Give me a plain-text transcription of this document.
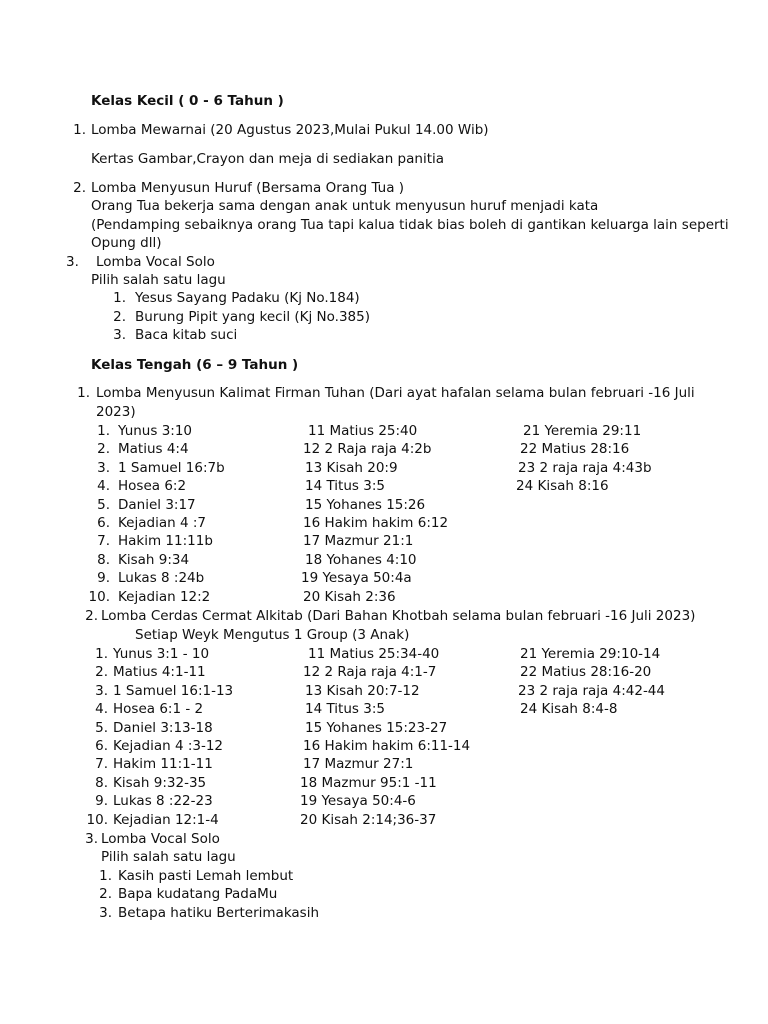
Kelas Kecil ( 0 - 6 Tahun )
1. Lomba Mewarnai (20 Agustus 2023,Mulai Pukul 14.00 Wib)
Kertas Gambar,Crayon dan meja di sediakan panitia
2. Lomba Menyusun Huruf (Bersama Orang Tua )
Orang Tua bekerja sama dengan anak untuk menyusun huruf menjadi kata
(Pendamping sebaiknya orang Tua tapi kalua tidak bias boleh di gantikan keluarga lain seperti
Opung dll)
3. Lomba Vocal Solo
Pilih salah satu lagu
1. Yesus Sayang Padaku (Kj No.184)
2. Burung Pipit yang kecil (Kj No.385)
3. Baca kitab suci
Kelas Tengah (6 – 9 Tahun )
1. Lomba Menyusun Kalimat Firman Tuhan (Dari ayat hafalan selama bulan februari -16 Juli
2023)
1. Yunus 3:10
2. Matius 4:4
3. 1 Samuel 16:7b
4. Hosea 6:2
5. Daniel 3:17
6. Kejadian 4 :7
7. Hakim 11:11b
8. Kisah 9:34
9. Lukas 8 :24b
10. Kejadian 12:2
11 Matius 25:40
12 2 Raja raja 4:2b
13 Kisah 20:9
14 Titus 3:5
15 Yohanes 15:26
16 Hakim hakim 6:12
17 Mazmur 21:1
18 Yohanes 4:10
19 Yesaya 50:4a
20 Kisah 2:36
21 Yeremia 29:11
22 Matius 28:16
23 2 raja raja 4:43b
24 Kisah 8:16
2. Lomba Cerdas Cermat Alkitab (Dari Bahan Khotbah selama bulan februari -16 Juli 2023)
Setiap Weyk Mengutus 1 Group (3 Anak)
1. Yunus 3:1 - 10
2. Matius 4:1-11
3. 1 Samuel 16:1-13
4. Hosea 6:1 - 2
5. Daniel 3:13-18
6. Kejadian 4 :3-12
7. Hakim 11:1-11
8. Kisah 9:32-35
9. Lukas 8 :22-23
10. Kejadian 12:1-4
11 Matius 25:34-40
12 2 Raja raja 4:1-7
13 Kisah 20:7-12
14 Titus 3:5
15 Yohanes 15:23-27
16 Hakim hakim 6:11-14
17 Mazmur 27:1
18 Mazmur 95:1 -11
19 Yesaya 50:4-6
20 Kisah 2:14;36-37
21 Yeremia 29:10-14
22 Matius 28:16-20
23 2 raja raja 4:42-44
24 Kisah 8:4-8
3. Lomba Vocal Solo
Pilih salah satu lagu
1. Kasih pasti Lemah lembut
2. Bapa kudatang PadaMu
3. Betapa hatiku Berterimakasih
